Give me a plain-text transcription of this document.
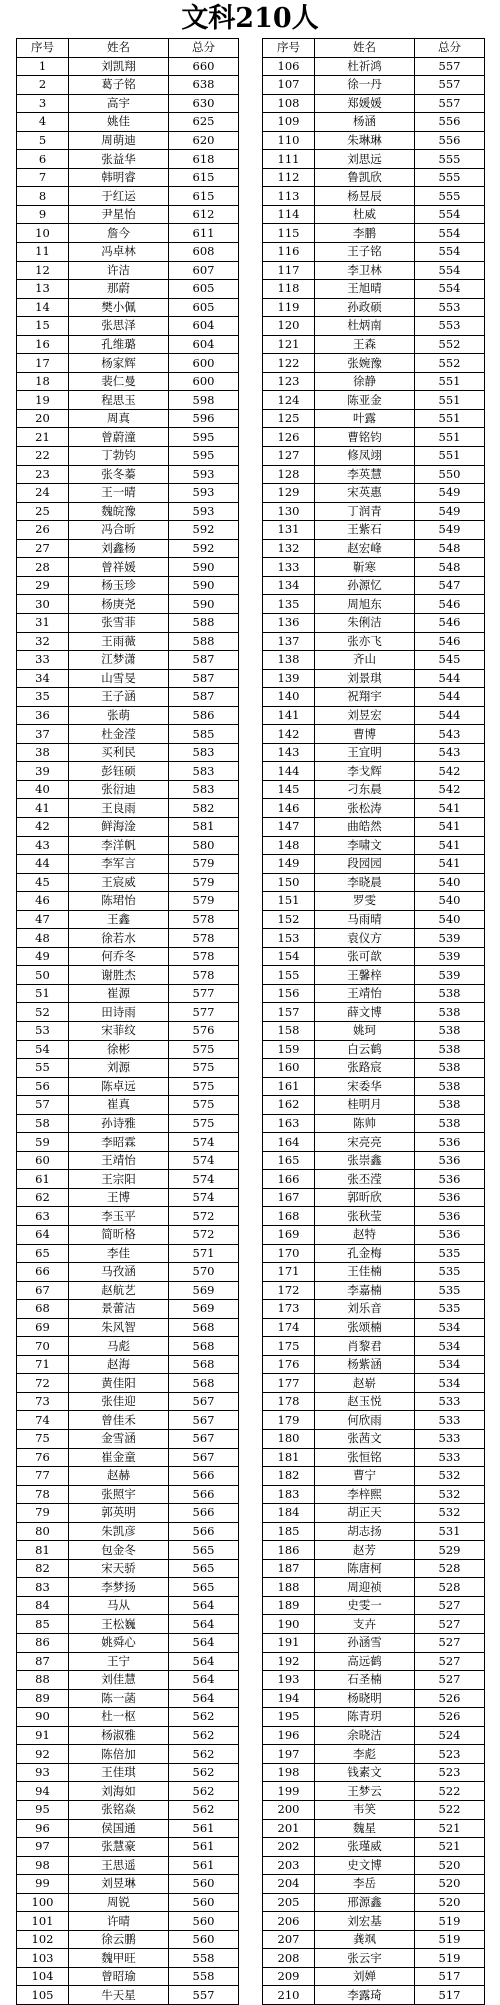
文科210人
序号	姓名	总分
1	刘凯翔	660
2	葛子铭	638
3	高宇	630
4	姚佳	625
5	周萌迪	620
6	张益华	618
7	韩明睿	615
8	于红运	615
9	尹星怡	612
10	詹今	611
11	冯卓林	608
12	许洁	607
13	那蔚	605
14	樊小佩	605
15	张思泽	604
16	孔维璐	604
17	杨家辉	600
18	裴仁曼	600
19	程思玉	598
20	周真	596
21	曾蔚潼	595
22	丁勃钧	595
23	张冬蓁	593
24	王一晴	593
25	魏皖豫	593
26	冯合昕	592
27	刘鑫杨	592
28	曾祥媛	590
29	杨玉珍	590
30	杨庚尧	590
31	张雪菲	588
32	王雨薇	588
33	江梦潇	587
34	山雪旻	587
35	王子涵	587
36	张萌	586
37	杜金滢	585
38	买利民	583
39	彭钰硕	583
40	张衍迪	583
41	王良雨	582
42	鲜海淦	581
43	李洋帆	580
44	李军言	579
45	王宸威	579
46	陈珺怡	579
47	王鑫	578
48	徐若水	578
49	何乔冬	578
50	谢胜杰	578
51	崔源	577
52	田诗雨	577
53	宋菲纹	576
54	徐彬	575
55	刘源	575
56	陈卓远	575
57	崔真	575
58	孙诗雅	575
59	李昭霖	574
60	王靖怡	574
61	王宗阳	574
62	王博	574
63	李玉平	572
64	简昕格	572
65	李佳	571
66	马孜涵	570
67	赵航艺	569
68	景蕾洁	569
69	朱风智	568
70	马彪	568
71	赵海	568
72	黄佳阳	568
73	张佳迎	567
74	曾佳禾	567
75	金雪涵	567
76	崔金童	567
77	赵赫	566
78	张照宇	566
79	郭英明	566
80	朱凯彦	566
81	包金冬	565
82	宋天骄	565
83	李梦扬	565
84	马从	564
85	王松巍	564
86	姚舜心	564
87	王宁	564
88	刘佳慧	564
89	陈一菡	564
90	杜一枢	562
91	杨淑雅	562
92	陈倍加	562
93	王佳琪	562
94	刘海如	562
95	张铭焱	562
96	侯国通	561
97	张慧豪	561
98	王思遥	561
99	刘昱琳	560
100	周锐	560
101	许晴	560
102	徐云鹏	560
103	魏甲旺	558
104	曾昭瑜	558
105	牛天星	557
序号	姓名	总分
106	杜祈鸿	557
107	徐一丹	557
108	郑媛媛	557
109	杨涵	556
110	朱琳琳	556
111	刘思远	555
112	鲁凯欣	555
113	杨昱辰	555
114	杜威	554
115	李鹏	554
116	王子铭	554
117	李卫林	554
118	王旭晴	554
119	孙政硕	553
120	杜炳南	553
121	王森	552
122	张婉豫	552
123	徐静	551
124	陈亚金	551
125	叶露	551
126	曹铭钧	551
127	修凤翊	551
128	李英慧	550
129	宋英惠	549
130	丁润青	549
131	王紫石	549
132	赵宏峰	548
133	靳寒	548
134	孙源忆	547
135	周旭东	546
136	朱俐洁	546
137	张亦飞	546
138	齐山	545
139	刘景琪	544
140	祝翔宇	544
141	刘昱宏	544
142	曹博	543
143	王宜明	543
144	李戈辉	542
145	刁东晨	542
146	张松涛	541
147	曲皓然	541
148	李啸文	541
149	段园园	541
150	李晓晨	540
151	罗雯	540
152	马雨晴	540
153	袁仪方	539
154	张可歆	539
155	王馨梓	539
156	王靖怡	538
157	薛文博	538
158	姚珂	538
159	白云鹤	538
160	张路宸	538
161	宋委华	538
162	桂明月	538
163	陈帅	538
164	宋亮亮	536
165	张崇鑫	536
166	张丕滢	536
167	郭昕欣	536
168	张秋莹	536
169	赵特	536
170	孔金梅	535
171	王佳楠	535
172	李嘉楠	535
173	刘乐音	535
174	张颂楠	534
175	肖黎君	534
176	杨紫涵	534
177	赵崭	534
178	赵玉悦	533
179	何欣雨	533
180	张茜文	533
181	张恒铭	533
182	曹宁	532
183	李梓熙	532
184	胡正天	532
185	胡志扬	531
186	赵芳	529
187	陈唐柯	528
188	周迎祯	528
189	史雯一	527
190	支卉	527
191	孙涵雪	527
192	高远鹤	527
193	石圣楠	527
194	杨晓明	526
195	陈青玥	526
196	余晓洁	524
197	李彪	523
198	钱素文	523
199	王梦云	522
200	韦笑	522
201	魏星	521
202	张瑾威	521
203	史文博	520
204	李岳	520
205	邢源鑫	520
206	刘宏基	519
207	龚飒	519
208	张云宇	519
209	刘婵	517
210	李露琦	517
